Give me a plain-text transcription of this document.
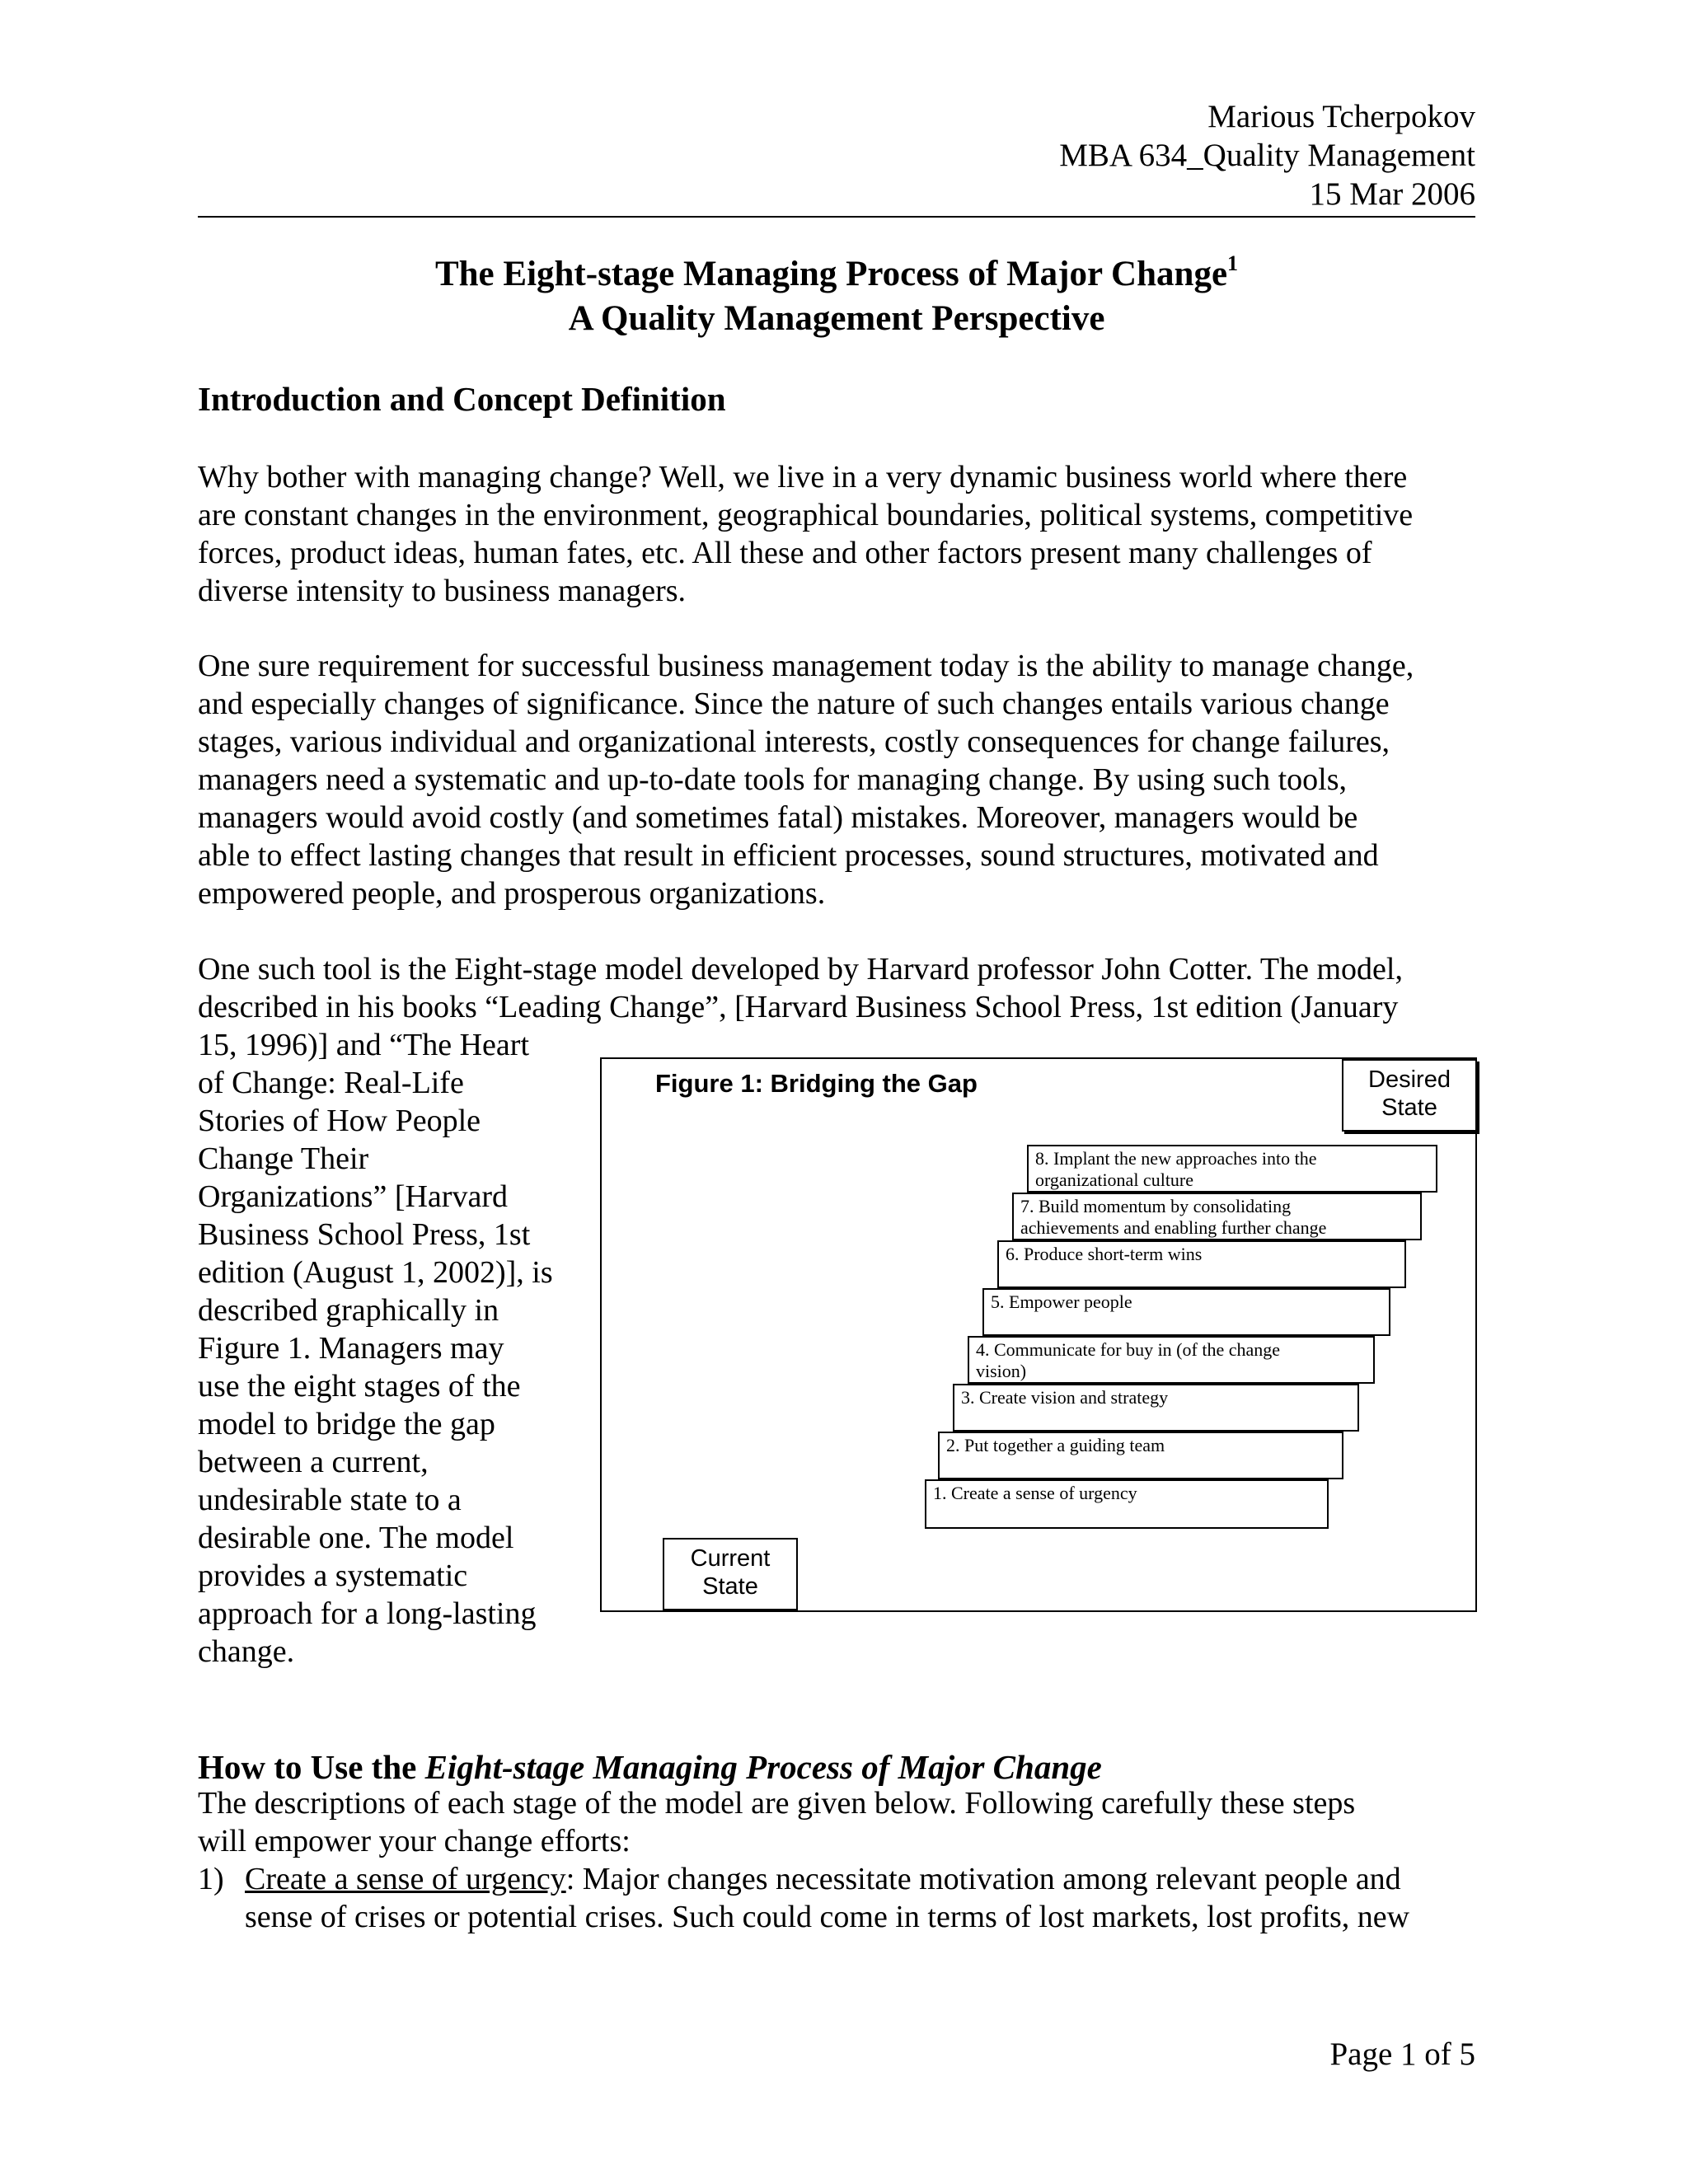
Marious Tcherpokov
MBA 634_Quality Management
15 Mar 2006
The Eight-stage Managing Process of Major Change$^1$
A Quality Management Perspective
Introduction and Concept Definition
Why bother with managing change? Well, we live in a very dynamic business world where there
are constant changes in the environment, geographical boundaries, political systems, competitive
forces, product ideas, human fates, etc. All these and other factors present many challenges of
diverse intensity to business managers.
One sure requirement for successful business management today is the ability to manage change,
and especially changes of significance. Since the nature of such changes entails various change
stages, various individual and organizational interests, costly consequences for change failures,
managers need a systematic and up-to-date tools for managing change. By using such tools,
managers would avoid costly (and sometimes fatal) mistakes. Moreover, managers would be
able to effect lasting changes that result in efficient processes, sound structures, motivated and
empowered people, and prosperous organizations.
One such tool is the Eight-stage model developed by Harvard professor John Cotter. The model,
described in his books “Leading Change”, [Harvard Business School Press, 1st edition (January
15, 1996)] and “The Heart
of Change: Real-Life
Stories of How People
Change Their
Organizations” [Harvard
Business School Press, 1st
edition (August 1, 2002)], is
described graphically in
Figure 1. Managers may
use the eight stages of the
model to bridge the gap
between a current,
undesirable state to a
desirable one. The model
provides a systematic
approach for a long-lasting
change.
Figure 1: Bridging the Gap	Desired
State
1. Create a sense of urgency
2. Put together a guiding team
3. Create vision and strategy
4. Communicate for buy in (of the change
vision)
5. Empower people
6. Produce short-term wins
7. Build momentum by consolidating
achievements and enabling further change
8. Implant the new approaches into the
organizational culture
Current
State
How to Use the Eight-stage Managing Process of Major Change
The descriptions of each stage of the model are given below. Following carefully these steps
will empower your change efforts:
1) Create a sense of urgency: Major changes necessitate motivation among relevant people and
sense of crises or potential crises. Such could come in terms of lost markets, lost profits, new
Page 1 of 5
